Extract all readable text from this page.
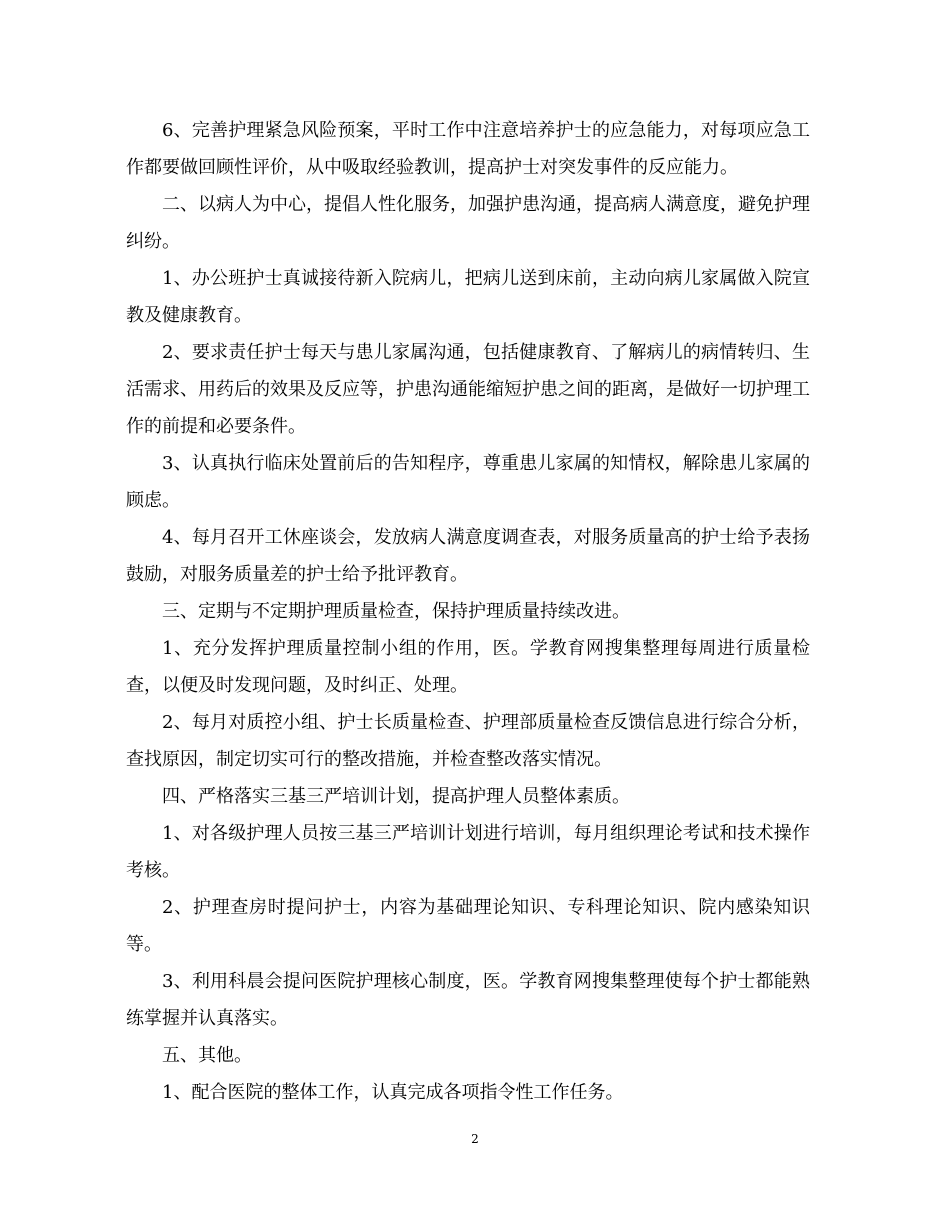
6、完善护理紧急风险预案，平时工作中注意培养护士的应急能力，对每项应急工作都要做回顾性评价，从中吸取经验教训，提高护士对突发事件的反应能力。

二、以病人为中心，提倡人性化服务，加强护患沟通，提高病人满意度，避免护理纠纷。

1、办公班护士真诚接待新入院病儿，把病儿送到床前，主动向病儿家属做入院宣教及健康教育。

2、要求责任护士每天与患儿家属沟通，包括健康教育、了解病儿的病情转归、生活需求、用药后的效果及反应等，护患沟通能缩短护患之间的距离，是做好一切护理工作的前提和必要条件。

3、认真执行临床处置前后的告知程序，尊重患儿家属的知情权，解除患儿家属的顾虑。

4、每月召开工休座谈会，发放病人满意度调查表，对服务质量高的护士给予表扬鼓励，对服务质量差的护士给予批评教育。

三、定期与不定期护理质量检查，保持护理质量持续改进。

1、充分发挥护理质量控制小组的作用，医。学教育网搜集整理每周进行质量检查，以便及时发现问题，及时纠正、处理。

2、每月对质控小组、护士长质量检查、护理部质量检查反馈信息进行综合分析，查找原因，制定切实可行的整改措施，并检查整改落实情况。

四、严格落实三基三严培训计划，提高护理人员整体素质。

1、对各级护理人员按三基三严培训计划进行培训，每月组织理论考试和技术操作考核。

2、护理查房时提问护士，内容为基础理论知识、专科理论知识、院内感染知识等。

3、利用科晨会提问医院护理核心制度，医。学教育网搜集整理使每个护士都能熟练掌握并认真落实。

五、其他。

1、配合医院的整体工作，认真完成各项指令性工作任务。

2
